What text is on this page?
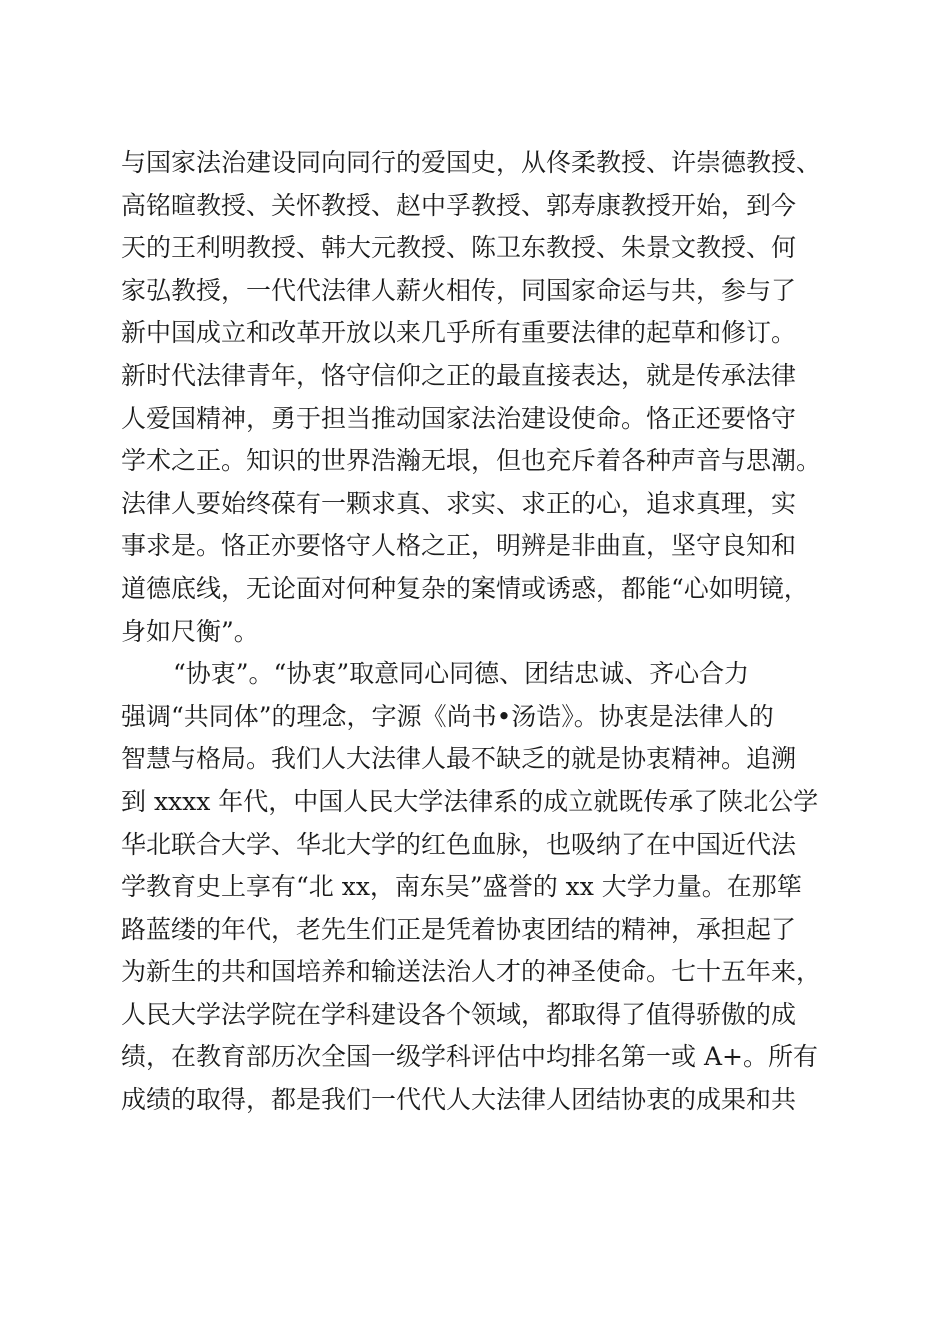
与国家法治建设同向同行的爱国史，从佟柔教授、许崇德教授、
高铭暄教授、关怀教授、赵中孚教授、郭寿康教授开始，到今
天的王利明教授、韩大元教授、陈卫东教授、朱景文教授、何
家弘教授，一代代法律人薪火相传，同国家命运与共，参与了
新中国成立和改革开放以来几乎所有重要法律的起草和修订。
新时代法律青年，恪守信仰之正的最直接表达，就是传承法律
人爱国精神，勇于担当推动国家法治建设使命。恪正还要恪守
学术之正。知识的世界浩瀚无垠，但也充斥着各种声音与思潮。
法律人要始终葆有一颗求真、求实、求正的心，追求真理，实
事求是。恪正亦要恪守人格之正，明辨是非曲直，坚守良知和
道德底线，无论面对何种复杂的案情或诱惑，都能“心如明镜，
身如尺衡”。
“协衷”。“协衷”取意同心同德、团结忠诚、齐心合力
强调“共同体”的理念，字源《尚书•汤诰》。协衷是法律人的
智慧与格局。我们人大法律人最不缺乏的就是协衷精神。追溯
到 xxxx 年代，中国人民大学法律系的成立就既传承了陕北公学
华北联合大学、华北大学的红色血脉，也吸纳了在中国近代法
学教育史上享有“北 xx，南东吴”盛誉的 xx 大学力量。在那筚
路蓝缕的年代，老先生们正是凭着协衷团结的精神，承担起了
为新生的共和国培养和输送法治人才的神圣使命。七十五年来，
人民大学法学院在学科建设各个领域，都取得了值得骄傲的成
绩，在教育部历次全国一级学科评估中均排名第一或 A+。所有
成绩的取得，都是我们一代代人大法律人团结协衷的成果和共
